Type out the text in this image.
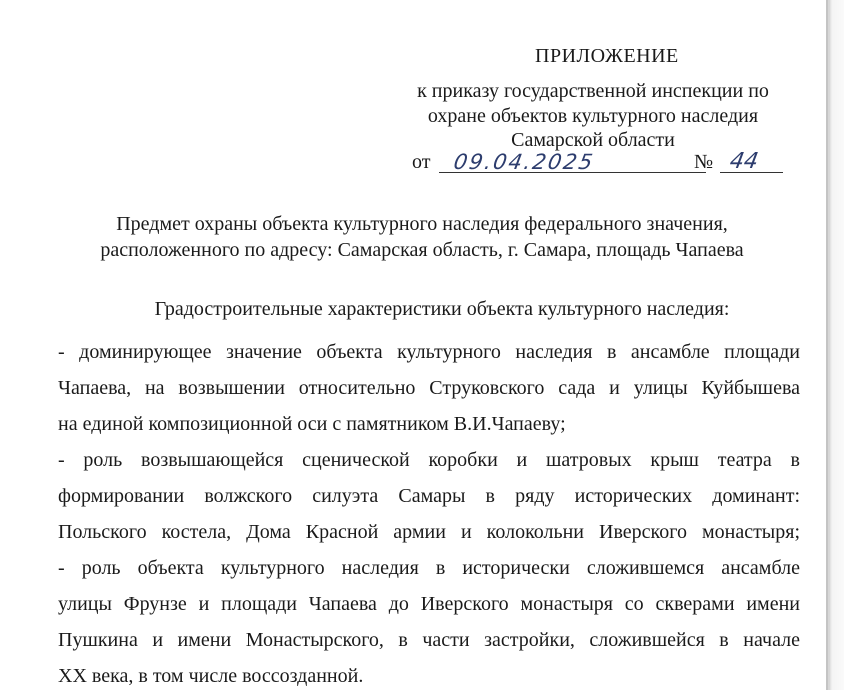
ПРИЛОЖЕНИЕ
к приказу государственной инспекции по
охране объектов культурного наследия
Самарской области
от 09.04.2025	№ 44
Предмет охраны объекта культурного наследия федерального значения,
расположенного по адресу: Самарская область, г. Самара, площадь Чапаева
Градостроительные характеристики объекта культурного наследия:
- доминирующее значение объекта культурного наследия в ансамбле площади
Чапаева, на возвышении относительно Струковского сада и улицы Куйбышева
на единой композиционной оси с памятником В.И.Чапаеву;
- роль возвышающейся сценической коробки и шатровых крыш театра в
формировании волжского силуэта Самары в ряду исторических доминант:
Польского костела, Дома Красной армии и колокольни Иверского монастыря;
- роль объекта культурного наследия в исторически сложившемся ансамбле
улицы Фрунзе и площади Чапаева до Иверского монастыря со скверами имени
Пушкина и имени Монастырского, в части застройки, сложившейся в начале
XX века, в том числе воссозданной.
